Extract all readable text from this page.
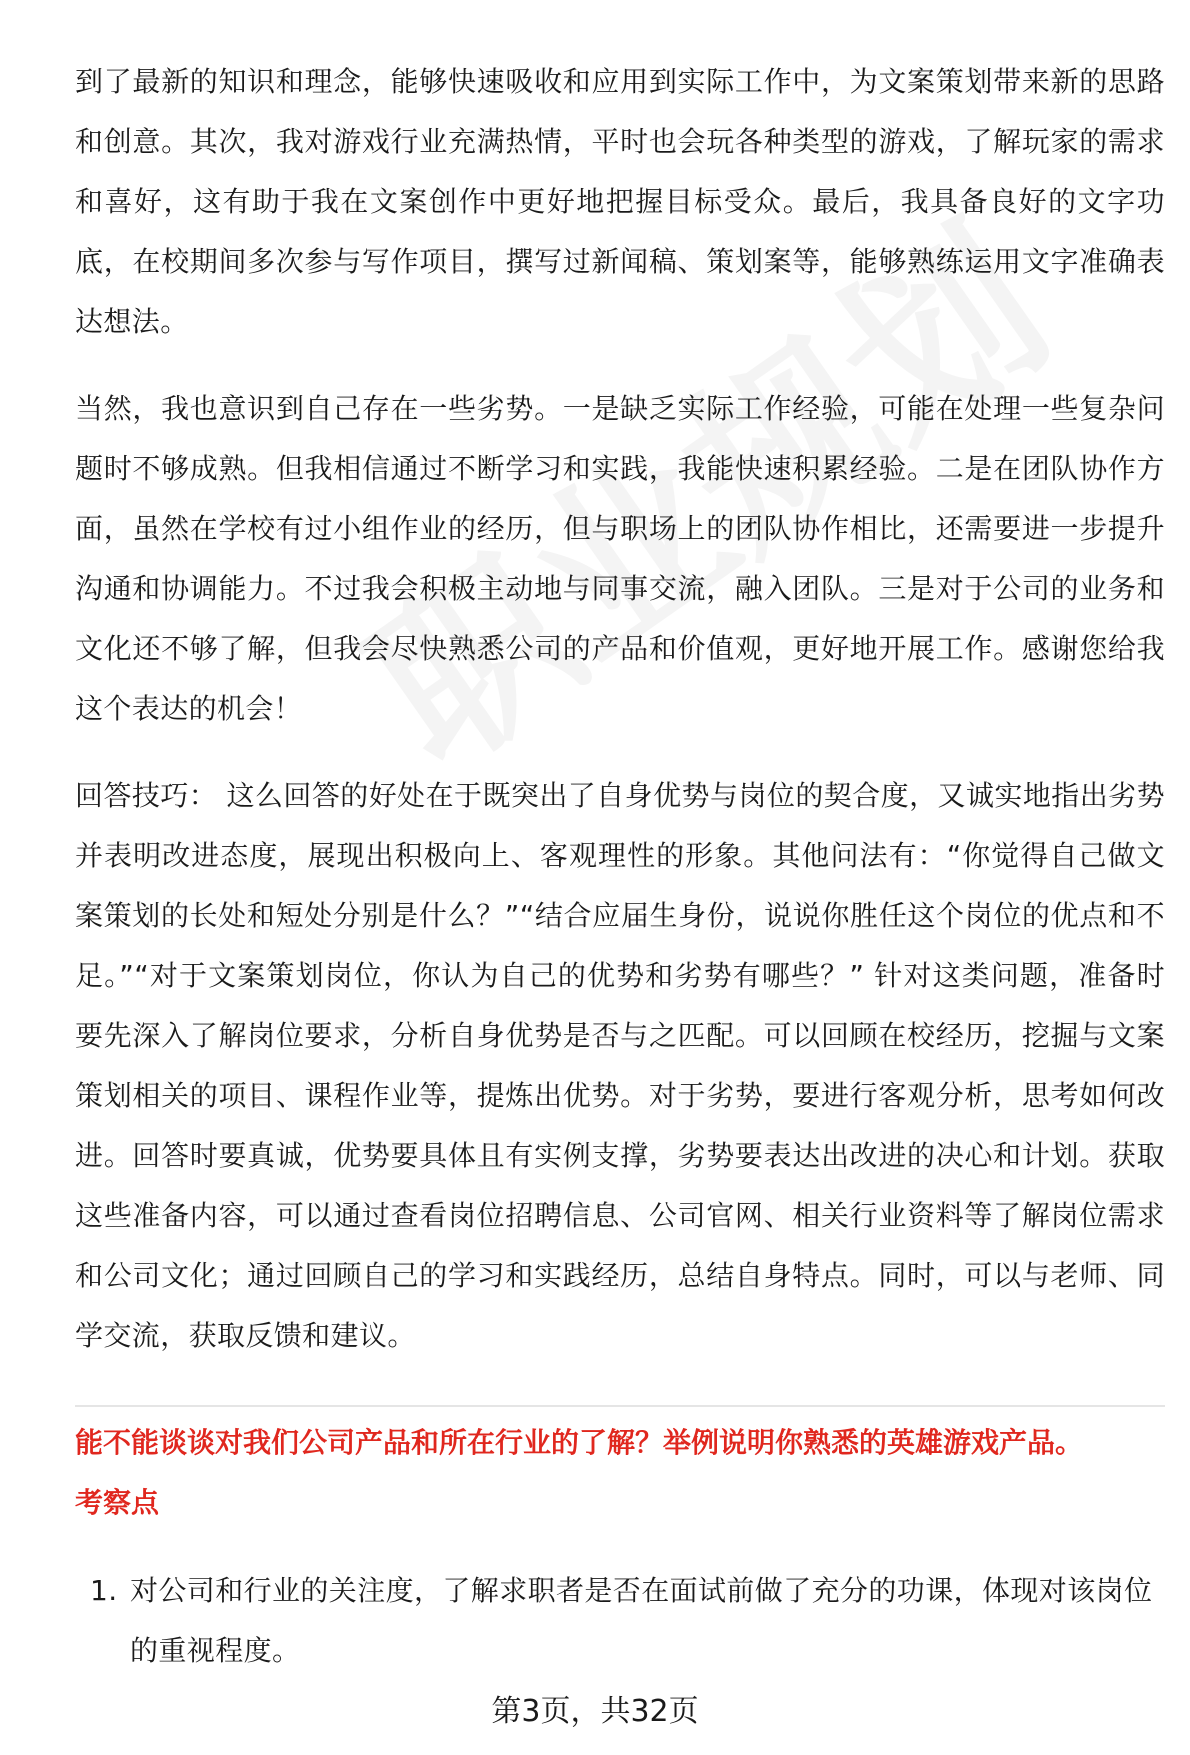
到了最新的知识和理念，能够快速吸收和应用到实际工作中，为文案策划带来新的思路和创意。其次，我对游戏行业充满热情，平时也会玩各种类型的游戏，了解玩家的需求和喜好，这有助于我在文案创作中更好地把握目标受众。最后，我具备良好的文字功底，在校期间多次参与写作项目，撰写过新闻稿、策划案等，能够熟练运用文字准确表达想法。

当然，我也意识到自己存在一些劣势。一是缺乏实际工作经验，可能在处理一些复杂问题时不够成熟。但我相信通过不断学习和实践，我能快速积累经验。二是在团队协作方面，虽然在学校有过小组作业的经历，但与职场上的团队协作相比，还需要进一步提升沟通和协调能力。不过我会积极主动地与同事交流，融入团队。三是对于公司的业务和文化还不够了解，但我会尽快熟悉公司的产品和价值观，更好地开展工作。感谢您给我这个表达的机会！

回答技巧： 这么回答的好处在于既突出了自身优势与岗位的契合度，又诚实地指出劣势并表明改进态度，展现出积极向上、客观理性的形象。其他问法有：“你觉得自己做文案策划的长处和短处分别是什么？”“结合应届生身份，说说你胜任这个岗位的优点和不足。”“对于文案策划岗位，你认为自己的优势和劣势有哪些？” 针对这类问题，准备时要先深入了解岗位要求，分析自身优势是否与之匹配。可以回顾在校经历，挖掘与文案策划相关的项目、课程作业等，提炼出优势。对于劣势，要进行客观分析，思考如何改进。回答时要真诚，优势要具体且有实例支撑，劣势要表达出改进的决心和计划。获取这些准备内容，可以通过查看岗位招聘信息、公司官网、相关行业资料等了解岗位需求和公司文化；通过回顾自己的学习和实践经历，总结自身特点。同时，可以与老师、同学交流，获取反馈和建议。

能不能谈谈对我们公司产品和所在行业的了解？举例说明你熟悉的英雄游戏产品。
考察点
1. 对公司和行业的关注度，了解求职者是否在面试前做了充分的功课，体现对该岗位的重视程度。
第3页，共32页
